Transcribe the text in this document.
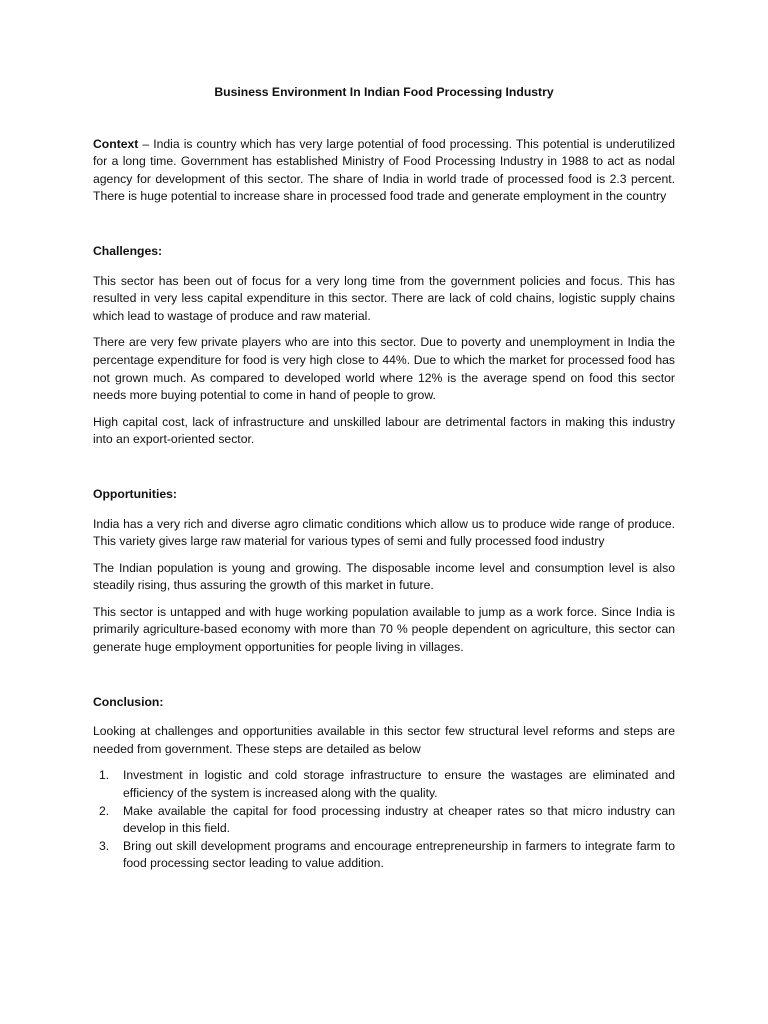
Business Environment In Indian Food Processing Industry

Context – India is country which has very large potential of food processing. This potential is underutilized for a long time. Government has established Ministry of Food Processing Industry in 1988 to act as nodal agency for development of this sector. The share of India in world trade of processed food is 2.3 percent. There is huge potential to increase share in processed food trade and generate employment in the country

Challenges:

This sector has been out of focus for a very long time from the government policies and focus. This has resulted in very less capital expenditure in this sector. There are lack of cold chains, logistic supply chains which lead to wastage of produce and raw material.

There are very few private players who are into this sector. Due to poverty and unemployment in India the percentage expenditure for food is very high close to 44%. Due to which the market for processed food has not grown much. As compared to developed world where 12% is the average spend on food this sector needs more buying potential to come in hand of people to grow.

High capital cost, lack of infrastructure and unskilled labour are detrimental factors in making this industry into an export-oriented sector.

Opportunities:

India has a very rich and diverse agro climatic conditions which allow us to produce wide range of produce. This variety gives large raw material for various types of semi and fully processed food industry

The Indian population is young and growing. The disposable income level and consumption level is also steadily rising, thus assuring the growth of this market in future.

This sector is untapped and with huge working population available to jump as a work force. Since India is primarily agriculture-based economy with more than 70 % people dependent on agriculture, this sector can generate huge employment opportunities for people living in villages.

Conclusion:

Looking at challenges and opportunities available in this sector few structural level reforms and steps are needed from government. These steps are detailed as below

1.	Investment in logistic and cold storage infrastructure to ensure the wastages are eliminated and efficiency of the system is increased along with the quality.
2.	Make available the capital for food processing industry at cheaper rates so that micro industry can develop in this field.
3.	Bring out skill development programs and encourage entrepreneurship in farmers to integrate farm to food processing sector leading to value addition.
